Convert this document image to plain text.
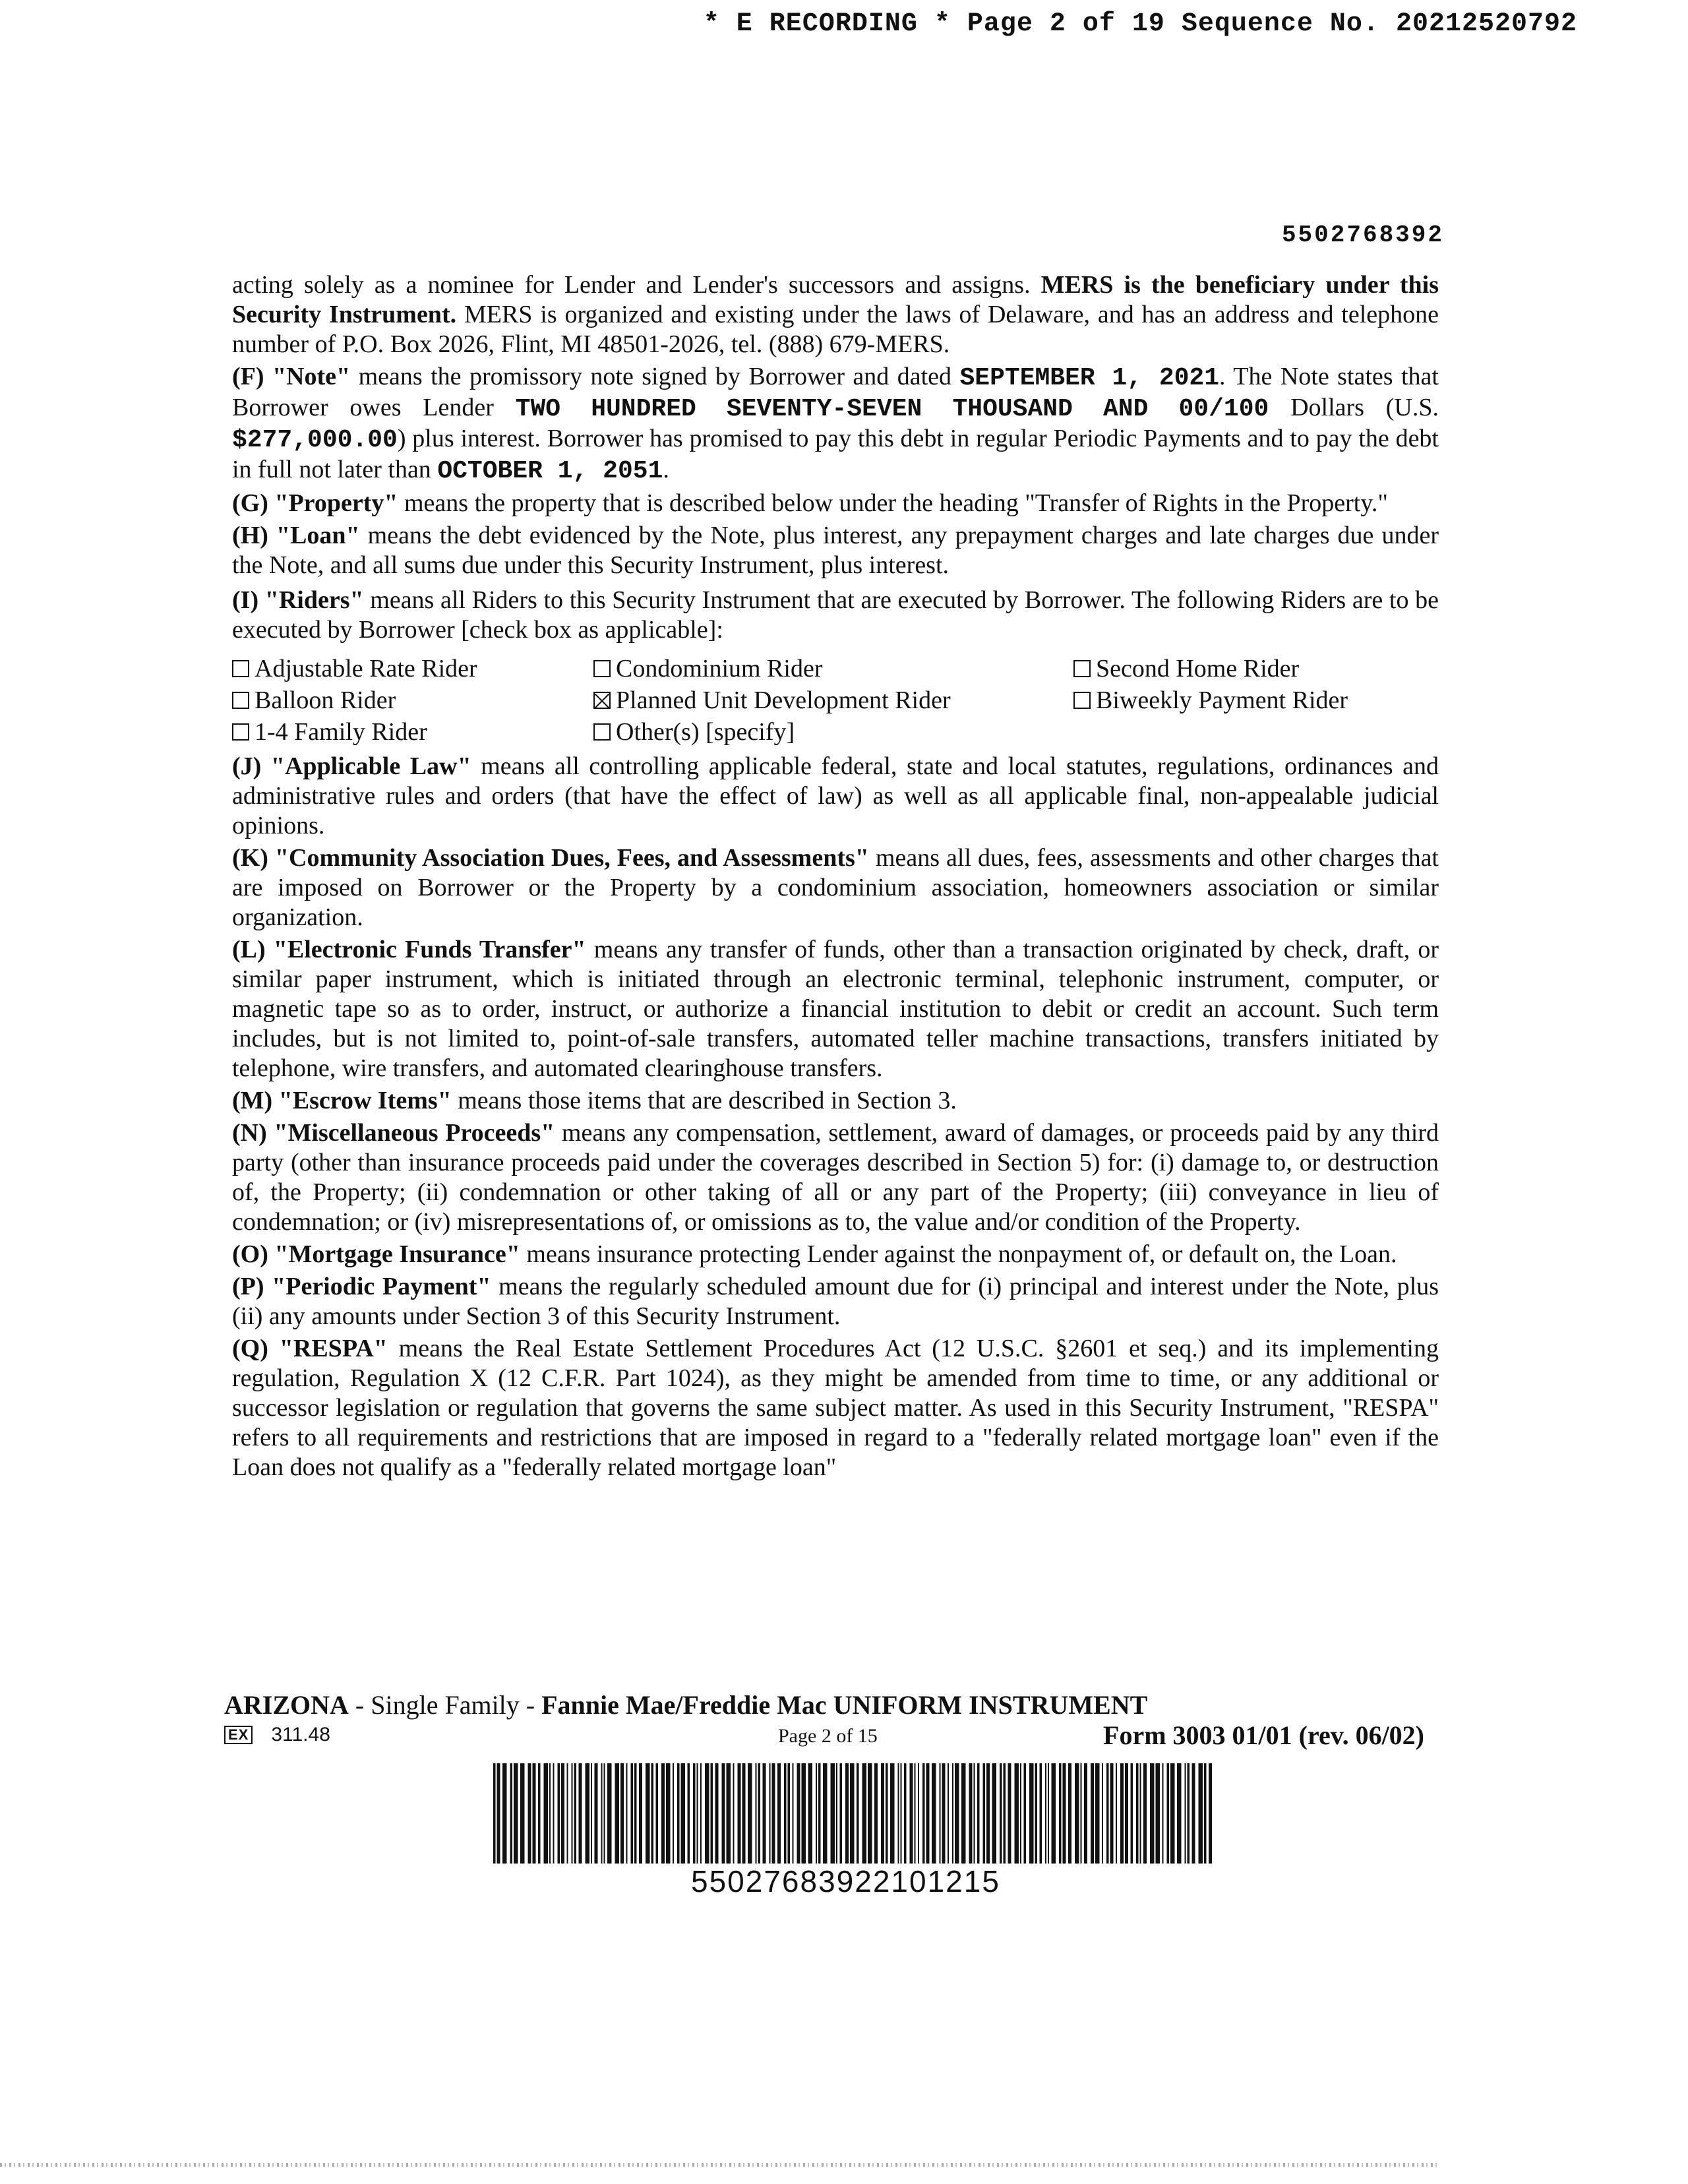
* E RECORDING * Page 2 of 19 Sequence No. 20212520792
5502768392

acting solely as a nominee for Lender and Lender's successors and assigns. MERS is the beneficiary under this Security Instrument. MERS is organized and existing under the laws of Delaware, and has an address and telephone number of P.O. Box 2026, Flint, MI 48501-2026, tel. (888) 679-MERS.

(F) "Note" means the promissory note signed by Borrower and dated SEPTEMBER 1, 2021. The Note states that Borrower owes Lender TWO HUNDRED SEVENTY-SEVEN THOUSAND AND 00/100 Dollars (U.S. $277,000.00) plus interest. Borrower has promised to pay this debt in regular Periodic Payments and to pay the debt in full not later than OCTOBER 1, 2051.

(G) "Property" means the property that is described below under the heading "Transfer of Rights in the Property."

(H) "Loan" means the debt evidenced by the Note, plus interest, any prepayment charges and late charges due under the Note, and all sums due under this Security Instrument, plus interest.

(I) "Riders" means all Riders to this Security Instrument that are executed by Borrower. The following Riders are to be executed by Borrower [check box as applicable]:

Adjustable Rate Rider	Condominium Rider	Second Home Rider
Balloon Rider	Planned Unit Development Rider	Biweekly Payment Rider
1-4 Family Rider	Other(s) [specify]

(J) "Applicable Law" means all controlling applicable federal, state and local statutes, regulations, ordinances and administrative rules and orders (that have the effect of law) as well as all applicable final, non-appealable judicial opinions.

(K) "Community Association Dues, Fees, and Assessments" means all dues, fees, assessments and other charges that are imposed on Borrower or the Property by a condominium association, homeowners association or similar organization.

(L) "Electronic Funds Transfer" means any transfer of funds, other than a transaction originated by check, draft, or similar paper instrument, which is initiated through an electronic terminal, telephonic instrument, computer, or magnetic tape so as to order, instruct, or authorize a financial institution to debit or credit an account. Such term includes, but is not limited to, point-of-sale transfers, automated teller machine transactions, transfers initiated by telephone, wire transfers, and automated clearinghouse transfers.

(M) "Escrow Items" means those items that are described in Section 3.

(N) "Miscellaneous Proceeds" means any compensation, settlement, award of damages, or proceeds paid by any third party (other than insurance proceeds paid under the coverages described in Section 5) for: (i) damage to, or destruction of, the Property; (ii) condemnation or other taking of all or any part of the Property; (iii) conveyance in lieu of condemnation; or (iv) misrepresentations of, or omissions as to, the value and/or condition of the Property.

(O) "Mortgage Insurance" means insurance protecting Lender against the nonpayment of, or default on, the Loan.

(P) "Periodic Payment" means the regularly scheduled amount due for (i) principal and interest under the Note, plus (ii) any amounts under Section 3 of this Security Instrument.

(Q) "RESPA" means the Real Estate Settlement Procedures Act (12 U.S.C. §2601 et seq.) and its implementing regulation, Regulation X (12 C.F.R. Part 1024), as they might be amended from time to time, or any additional or successor legislation or regulation that governs the same subject matter. As used in this Security Instrument, "RESPA" refers to all requirements and restrictions that are imposed in regard to a "federally related mortgage loan" even if the Loan does not qualify as a "federally related mortgage loan"

ARIZONA - Single Family - Fannie Mae/Freddie Mac UNIFORM INSTRUMENT
EX 311.48	Page 2 of 15	Form 3003 01/01 (rev. 06/02)
55027683922101215
